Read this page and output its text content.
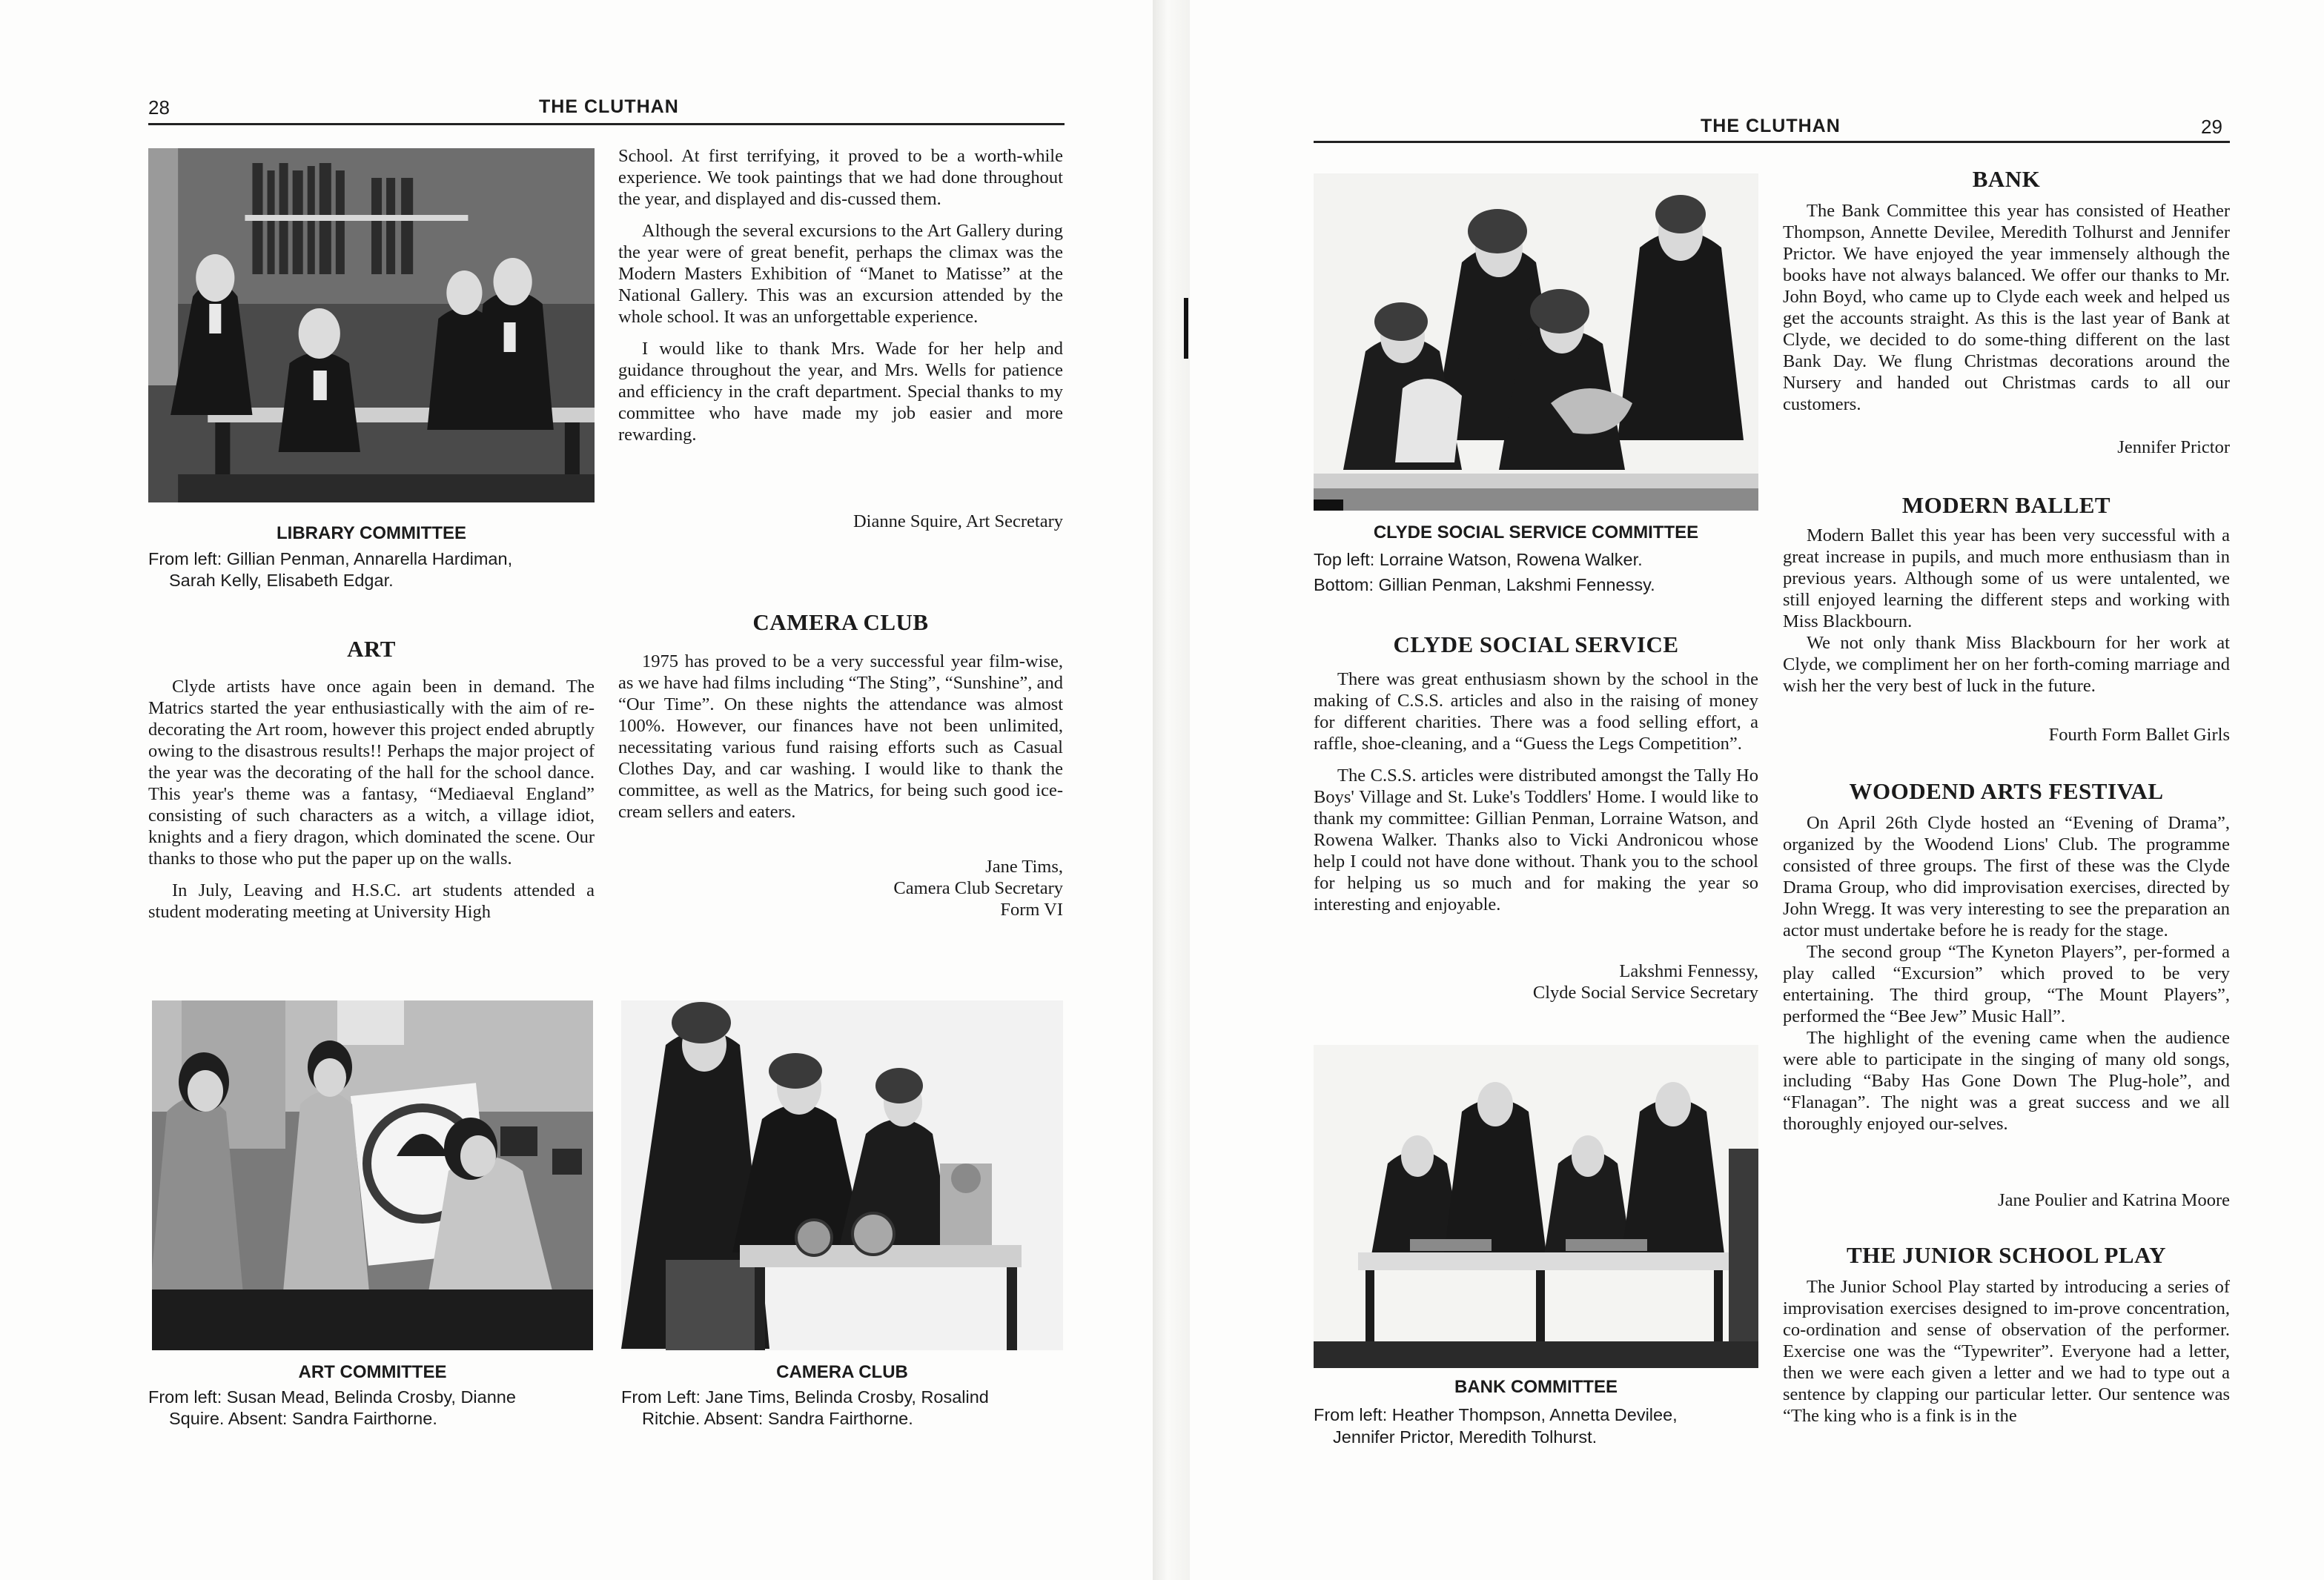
28	THE CLUTHAN
LIBRARY COMMITTEE
From left: Gillian Penman, Annarella Hardiman,
Sarah Kelly, Elisabeth Edgar.
ART

Clyde artists have once again been in demand. The Matrics started the year enthusiastically with the aim of re-decorating the Art room, however this project ended abruptly owing to the disastrous results!! Perhaps the major project of the year was the decorating of the hall for the school dance. This year's theme was a fantasy, “Mediaeval England” consisting of such characters as a witch, a village idiot, knights and a fiery dragon, which dominated the scene. Our thanks to those who put the paper up on the walls.

In July, Leaving and H.S.C. art students attended a student moderating meeting at University High

School. At first terrifying, it proved to be a worth-while experience. We took paintings that we had done throughout the year, and displayed and dis-cussed them.

Although the several excursions to the Art Gallery during the year were of great benefit, perhaps the climax was the Modern Masters Exhibition of “Manet to Matisse” at the National Gallery. This was an excursion attended by the whole school. It was an unforgettable experience.

I would like to thank Mrs. Wade for her help and guidance throughout the year, and Mrs. Wells for patience and efficiency in the craft department. Special thanks to my committee who have made my job easier and more rewarding.

Dianne Squire, Art Secretary
CAMERA CLUB

1975 has proved to be a very successful year film-wise, as we have had films including “The Sting”, “Sunshine”, and “Our Time”. On these nights the attendance was almost 100%. However, our finances have not been unlimited, necessitating various fund raising efforts such as Casual Clothes Day, and car washing. I would like to thank the committee, as well as the Matrics, for being such good ice-cream sellers and eaters.

Jane Tims,
Camera Club Secretary
Form VI
ART COMMITTEE
From left: Susan Mead, Belinda Crosby, Dianne
Squire. Absent: Sandra Fairthorne.
CAMERA CLUB
From Left: Jane Tims, Belinda Crosby, Rosalind
Ritchie. Absent: Sandra Fairthorne.
THE CLUTHAN	29
CLYDE SOCIAL SERVICE COMMITTEE
Top left: Lorraine Watson, Rowena Walker.
Bottom: Gillian Penman, Lakshmi Fennessy.
CLYDE SOCIAL SERVICE

There was great enthusiasm shown by the school in the making of C.S.S. articles and also in the raising of money for different charities. There was a food selling effort, a raffle, shoe-cleaning, and a “Guess the Legs Competition”.

The C.S.S. articles were distributed amongst the Tally Ho Boys' Village and St. Luke's Toddlers' Home. I would like to thank my committee: Gillian Penman, Lorraine Watson, and Rowena Walker. Thanks also to Vicki Andronicou whose help I could not have done without. Thank you to the school for helping us so much and for making the year so interesting and enjoyable.

Lakshmi Fennessy,
Clyde Social Service Secretary
BANK COMMITTEE
From left: Heather Thompson, Annetta Devilee,
Jennifer Prictor, Meredith Tolhurst.
BANK

The Bank Committee this year has consisted of Heather Thompson, Annette Devilee, Meredith Tolhurst and Jennifer Prictor. We have enjoyed the year immensely although the books have not always balanced. We offer our thanks to Mr. John Boyd, who came up to Clyde each week and helped us get the accounts straight. As this is the last year of Bank at Clyde, we decided to do some-thing different on the last Bank Day. We flung Christmas decorations around the Nursery and handed out Christmas cards to all our customers.

Jennifer Prictor
MODERN BALLET

Modern Ballet this year has been very successful with a great increase in pupils, and much more enthusiasm than in previous years. Although some of us were untalented, we still enjoyed learning the different steps and working with Miss Blackbourn.

We not only thank Miss Blackbourn for her work at Clyde, we compliment her on her forth-coming marriage and wish her the very best of luck in the future.

Fourth Form Ballet Girls
WOODEND ARTS FESTIVAL

On April 26th Clyde hosted an “Evening of Drama”, organized by the Woodend Lions' Club. The programme consisted of three groups. The first of these was the Clyde Drama Group, who did improvisation exercises, directed by John Wregg. It was very interesting to see the preparation an actor must undertake before he is ready for the stage.

The second group “The Kyneton Players”, per-formed a play called “Excursion” which proved to be very entertaining. The third group, “The Mount Players”, performed the “Bee Jew” Music Hall”.

The highlight of the evening came when the audience were able to participate in the singing of many old songs, including “Baby Has Gone Down The Plug-hole”, and “Flanagan”. The night was a great success and we all thoroughly enjoyed our-selves.

Jane Poulier and Katrina Moore
THE JUNIOR SCHOOL PLAY

The Junior School Play started by introducing a series of improvisation exercises designed to im-prove concentration, co-ordination and sense of observation of the performer. Exercise one was the “Typewriter”. Everyone had a letter, then we were each given a letter and we had to type out a sentence by clapping our particular letter. Our sentence was “The king who is a fink is in the
